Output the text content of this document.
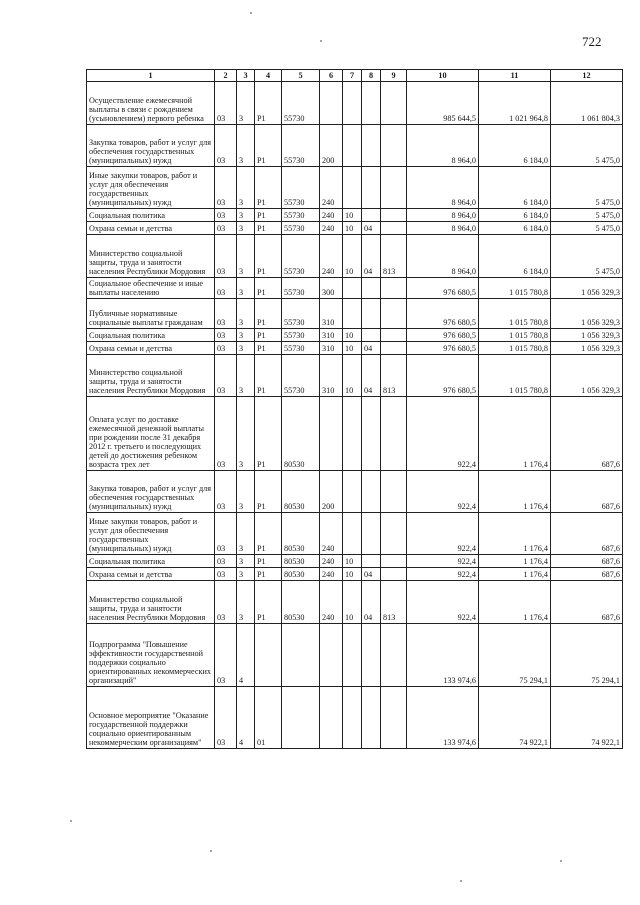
722
1	2	3	4	5	6	7	8	9	10	11	12
Осуществление ежемесячной выплаты в связи с рождением (усыновлением) первого ребенка	03	3	P1	55730					985 644,5	1 021 964,8	1 061 804,3
Закупка товаров, работ и услуг для обеспечения государственных (муниципальных) нужд	03	3	P1	55730	200				8 964,0	6 184,0	5 475,0
Иные закупки товаров, работ и услуг для обеспечения государственных (муниципальных) нужд	03	3	P1	55730	240				8 964,0	6 184,0	5 475,0
Социальная политика	03	3	P1	55730	240	10			8 964,0	6 184,0	5 475,0
Охрана семьи и детства	03	3	P1	55730	240	10	04		8 964,0	6 184,0	5 475,0
Министерство социальной защиты, труда и занятости населения Республики Мордовия	03	3	P1	55730	240	10	04	813	8 964,0	6 184,0	5 475,0
Социальное обеспечение и иные выплаты населению	03	3	P1	55730	300				976 680,5	1 015 780,8	1 056 329,3
Публичные нормативные социальные выплаты гражданам	03	3	P1	55730	310				976 680,5	1 015 780,8	1 056 329,3
Социальная политика	03	3	P1	55730	310	10			976 680,5	1 015 780,8	1 056 329,3
Охрана семьи и детства	03	3	P1	55730	310	10	04		976 680,5	1 015 780,8	1 056 329,3
Министерство социальной защиты, труда и занятости населения Республики Мордовия	03	3	P1	55730	310	10	04	813	976 680,5	1 015 780,8	1 056 329,3
Оплата услуг по доставке ежемесячной денежной выплаты при рождении после 31 декабря 2012 г. третьего и последующих детей до достижения ребенком возраста трех лет	03	3	P1	80530					922,4	1 176,4	687,6
Закупка товаров, работ и услуг для обеспечения государственных (муниципальных) нужд	03	3	P1	80530	200				922,4	1 176,4	687,6
Иные закупки товаров, работ и услуг для обеспечения государственных (муниципальных) нужд	03	3	P1	80530	240				922,4	1 176,4	687,6
Социальная политика	03	3	P1	80530	240	10			922,4	1 176,4	687,6
Охрана семьи и детства	03	3	P1	80530	240	10	04		922,4	1 176,4	687,6
Министерство социальной защиты, труда и занятости населения Республики Мордовия	03	3	P1	80530	240	10	04	813	922,4	1 176,4	687,6
Подпрограмма "Повышение эффективности государственной поддержки социально ориентированных некоммерческих организаций"	03	4							133 974,6	75 294,1	75 294,1
Основное мероприятие "Оказание государственной поддержки социально ориентированным некоммерческим организациям"	03	4	01						133 974,6	74 922,1	74 922,1
